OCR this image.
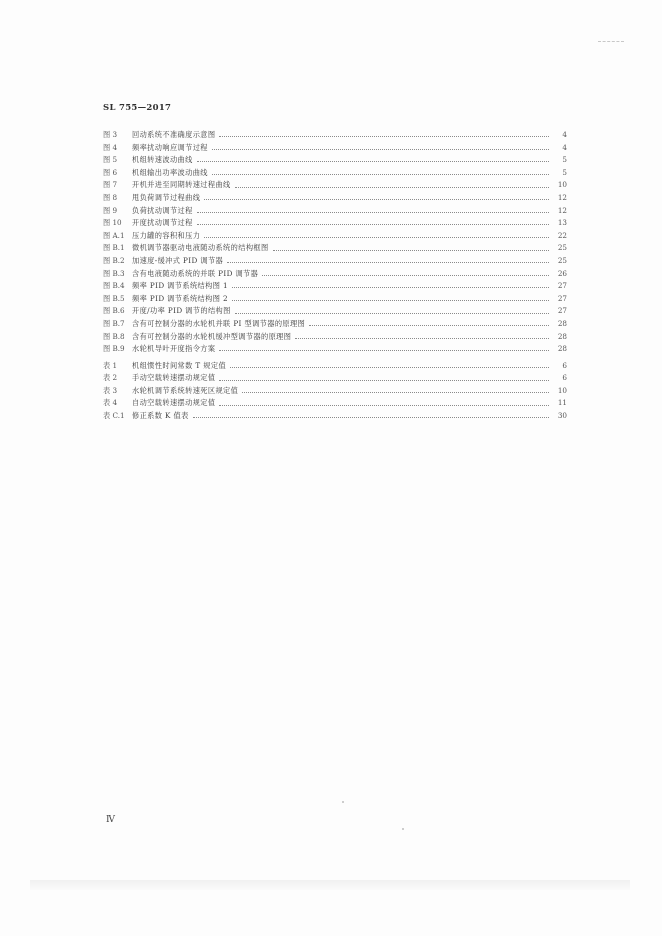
SL 755—2017
图 3	回动系统不准确度示意图	4
图 4	频率扰动响应调节过程	4
图 5	机组转速波动曲线	5
图 6	机组输出功率波动曲线	5
图 7	开机并进至同期转速过程曲线	10
图 8	甩负荷调节过程曲线	12
图 9	负荷扰动调节过程	12
图 10	开度扰动调节过程	13
图 A.1	压力罐的容积和压力	22
图 B.1	微机调节器驱动电液随动系统的结构框图	25
图 B.2	加速度-缓冲式 PID 调节器	25
图 B.3	含有电液随动系统的并联 PID 调节器	26
图 B.4	频率 PID 调节系统结构图 1	27
图 B.5	频率 PID 调节系统结构图 2	27
图 B.6	开度/功率 PID 调节的结构图	27
图 B.7	含有可控制分器的水轮机并联 PI 型调节器的原理图	28
图 B.8	含有可控制分器的水轮机缓冲型调节器的原理图	28
图 B.9	水轮机导叶开度指令方案	28
表 1	机组惯性时间常数 T 规定值	6
表 2	手动空载转速摆动规定值	6
表 3	水轮机调节系统转速死区规定值	10
表 4	自动空载转速摆动规定值	11
表 C.1	修正系数 K 值表	30
Ⅳ
